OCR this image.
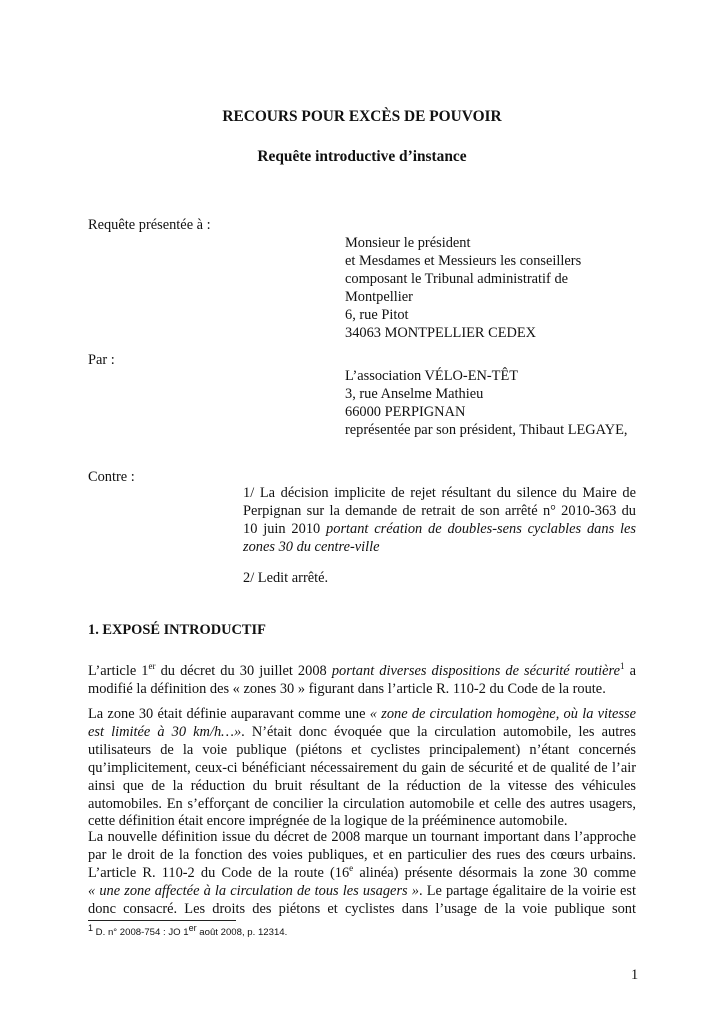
RECOURS POUR EXCÈS DE POUVOIR
Requête introductive d’instance
Requête présentée à :
Monsieur le président
et Mesdames et Messieurs les conseillers
composant le Tribunal administratif de
Montpellier
6, rue Pitot
34063 MONTPELLIER CEDEX
Par :
L’association VÉLO-EN-TÊT
3, rue Anselme Mathieu
66000 PERPIGNAN
représentée par son président, Thibaut LEGAYE,
Contre :
1/ La décision implicite de rejet résultant du silence du Maire de
Perpignan sur la demande de retrait de son arrêté n° 2010-363 du
10 juin 2010 portant création de doubles-sens cyclables dans les
zones 30 du centre-ville
2/ Ledit arrêté.
1. EXPOSÉ INTRODUCTIF
L’article 1er du décret du 30 juillet 2008 portant diverses dispositions de sécurité routière$^1$ a
modifié la définition des « zones 30 » figurant dans l’article R. 110-2 du Code de la route.
La zone 30 était définie auparavant comme une « zone de circulation homogène, où la vitesse
est limitée à 30 km/h…». N’était donc évoquée que la circulation automobile, les autres
utilisateurs de la voie publique (piétons et cyclistes principalement) n’étant concernés
qu’implicitement, ceux-ci bénéficiant nécessairement du gain de sécurité et de qualité de l’air
ainsi que de la réduction du bruit résultant de la réduction de la vitesse des véhicules
automobiles. En s’efforçant de concilier la circulation automobile et celle des autres usagers,
cette définition était encore imprégnée de la logique de la prééminence automobile.
La nouvelle définition issue du décret de 2008 marque un tournant important dans l’approche
par le droit de la fonction des voies publiques, et en particulier des rues des cœurs urbains.
L’article R. 110-2 du Code de la route (16e alinéa) présente désormais la zone 30 comme
« une zone affectée à la circulation de tous les usagers ». Le partage égalitaire de la voirie est
donc consacré. Les droits des piétons et cyclistes dans l’usage de la voie publique sont
$^1$ D. n° 2008-754 : JO 1er août 2008, p. 12314.
1
